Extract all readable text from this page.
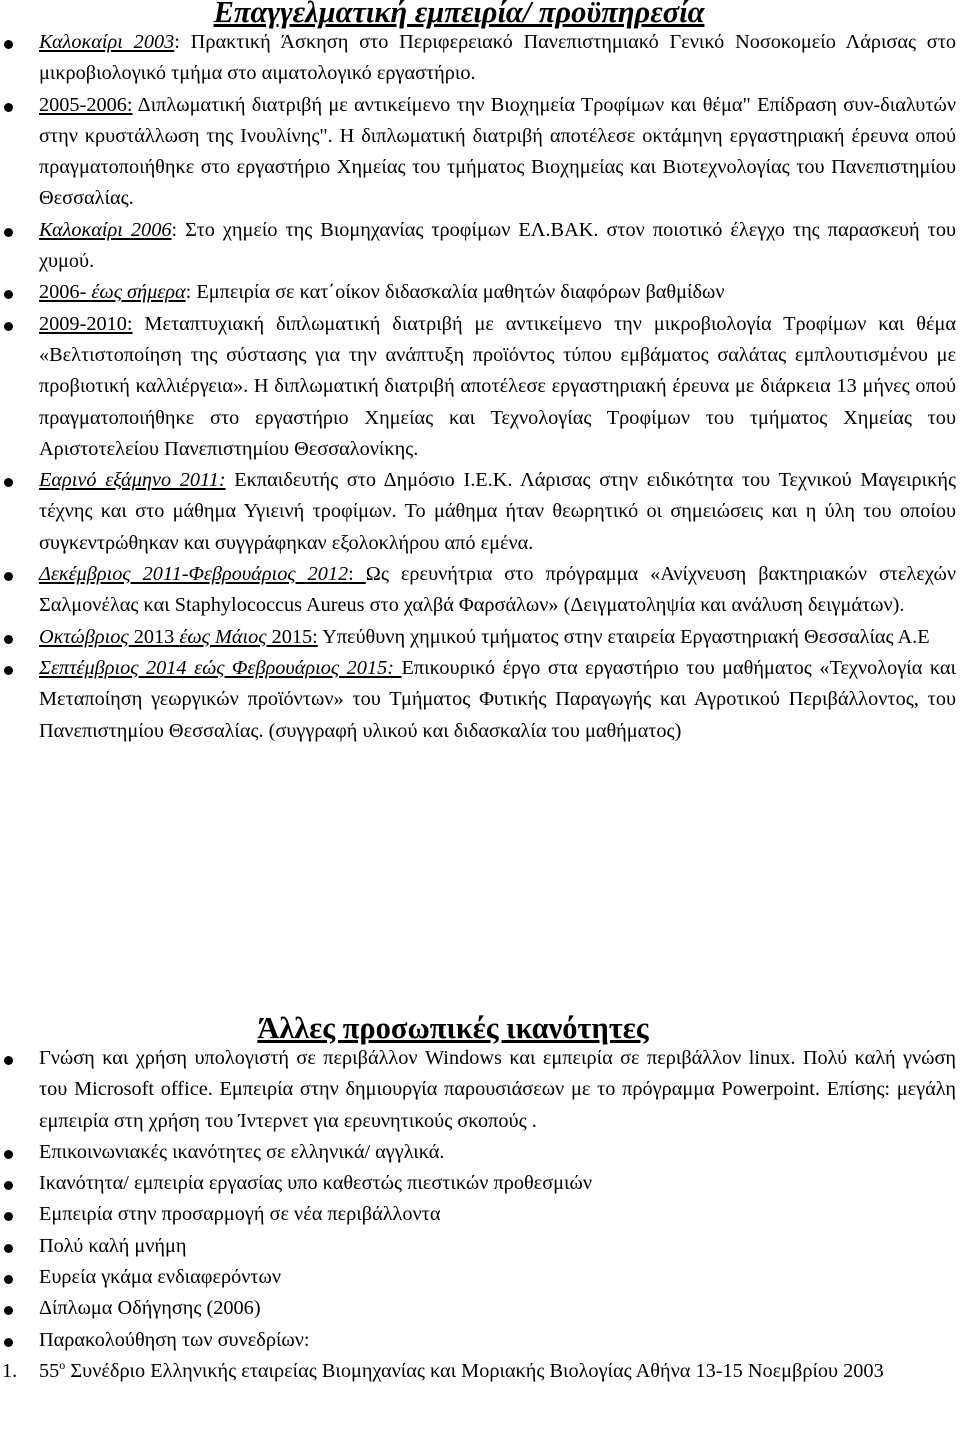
Επαγγελματική εμπειρία/ προϋπηρεσία
Καλοκαίρι 2003: Πρακτική Άσκηση στο Περιφερειακό Πανεπιστημιακό Γενικό Νοσοκομείο Λάρισας στο μικροβιολογικό τμήμα στο αιματολογικό εργαστήριο.
2005-2006: Διπλωματική διατριβή με αντικείμενο την Βιοχημεία Τροφίμων και θέμα" Επίδραση συν-διαλυτών στην κρυστάλλωση της Ινουλίνης". Η διπλωματική διατριβή αποτέλεσε οκτάμηνη εργαστηριακή έρευνα οπού πραγματοποιήθηκε στο εργαστήριο Χημείας του τμήματος Βιοχημείας και Βιοτεχνολογίας του Πανεπιστημίου Θεσσαλίας.
Καλοκαίρι 2006: Στο χημείο της Βιομηχανίας τροφίμων ΕΛ.ΒΑΚ. στον ποιοτικό έλεγχο της παρασκευή του χυμού.
2006- έως σήμερα: Εμπειρία σε κατ΄οίκον διδασκαλία μαθητών διαφόρων βαθμίδων
2009-2010: Μεταπτυχιακή διπλωματική διατριβή με αντικείμενο την μικροβιολογία Τροφίμων και θέμα «Βελτιστοποίηση της σύστασης για την ανάπτυξη προϊόντος τύπου εμβάματος σαλάτας εμπλουτισμένου με προβιοτική καλλιέργεια». Η διπλωματική διατριβή αποτέλεσε εργαστηριακή έρευνα με διάρκεια 13 μήνες οπού πραγματοποιήθηκε στο εργαστήριο Χημείας και Τεχνολογίας Τροφίμων του τμήματος Χημείας του Αριστοτελείου Πανεπιστημίου Θεσσαλονίκης.
Εαρινό εξάμηνο 2011: Εκπαιδευτής στο Δημόσιο Ι.Ε.Κ. Λάρισας στην ειδικότητα του Τεχνικού Μαγειρικής τέχνης και στο μάθημα Υγιεινή τροφίμων. Το μάθημα ήταν θεωρητικό οι σημειώσεις και η ύλη του οποίου συγκεντρώθηκαν και συγγράφηκαν εξολοκλήρου από εμένα.
Δεκέμβριος 2011-Φεβρουάριος 2012: Ως ερευνήτρια στο πρόγραμμα «Ανίχνευση βακτηριακών στελεχών Σαλμονέλας και Staphylococcus Aureus στο χαλβά Φαρσάλων» (Δειγματοληψία και ανάλυση δειγμάτων).
Οκτώβριος 2013 έως Μάιος 2015: Υπεύθυνη χημικού τμήματος στην εταιρεία Εργαστηριακή Θεσσαλίας Α.Ε
Σεπτέμβριος 2014 εώς Φεβρουάριος 2015: Επικουρικό έργο στα εργαστήριο του μαθήματος «Τεχνολογία και Μεταποίηση γεωργικών προϊόντων» του Τμήματος Φυτικής Παραγωγής και Αγροτικού Περιβάλλοντος, του Πανεπιστημίου Θεσσαλίας. (συγγραφή υλικού και διδασκαλία του μαθήματος)
Άλλες προσωπικές ικανότητες
Γνώση και χρήση υπολογιστή σε περιβάλλον Windows και εμπειρία σε περιβάλλον linux. Πολύ καλή γνώση του Microsoft office. Εμπειρία στην δημιουργία παρουσιάσεων με το πρόγραμμα Powerpoint. Επίσης: μεγάλη εμπειρία στη χρήση του Ίντερνετ για ερευνητικούς σκοπούς .
Επικοινωνιακές ικανότητες σε ελληνικά/ αγγλικά.
Ικανότητα/ εμπειρία εργασίας υπο καθεστώς πιεστικών προθεσμιών
Εμπειρία στην προσαρμογή σε νέα περιβάλλοντα
Πολύ καλή μνήμη
Ευρεία γκάμα ενδιαφερόντων
Δίπλωμα Οδήγησης (2006)
Παρακολούθηση των συνεδρίων:
1. $55^o$ Συνέδριο Ελληνικής εταιρείας Βιομηχανίας και Μοριακής Βιολογίας Αθήνα 13-15 Νοεμβρίου 2003
